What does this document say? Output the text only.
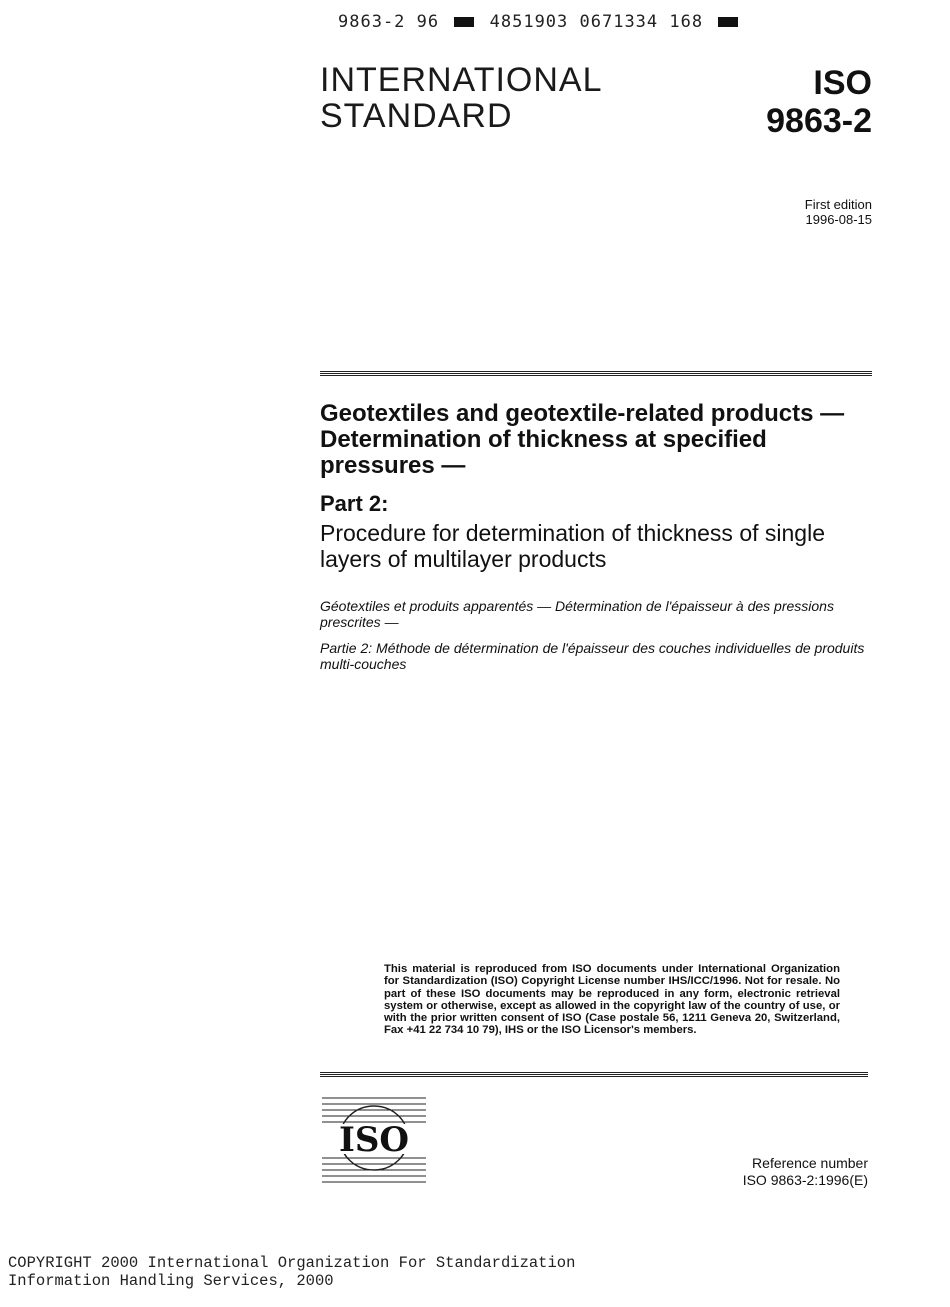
9863-2 96	4851903 0671334 168
INTERNATIONAL
STANDARD
ISO
9863-2
First edition
1996-08-15
Geotextiles and geotextile-related products — Determination of thickness at specified pressures —
Part 2:
Procedure for determination of thickness of single layers of multilayer products
Géotextiles et produits apparentés — Détermination de l'épaisseur à des pressions prescrites —
Partie 2: Méthode de détermination de l'épaisseur des couches individuelles de produits multi-couches
This material is reproduced from ISO documents under International Organization for Standardization (ISO) Copyright License number IHS/ICC/1996. Not for resale. No part of these ISO documents may be reproduced in any form, electronic retrieval system or otherwise, except as allowed in the copyright law of the country of use, or with the prior written consent of ISO (Case postale 56, 1211 Geneva 20, Switzerland, Fax +41 22 734 10 79), IHS or the ISO Licensor's members.
ISO
Reference number
ISO 9863-2:1996(E)
COPYRIGHT 2000 International Organization For Standardization
Information Handling Services, 2000
